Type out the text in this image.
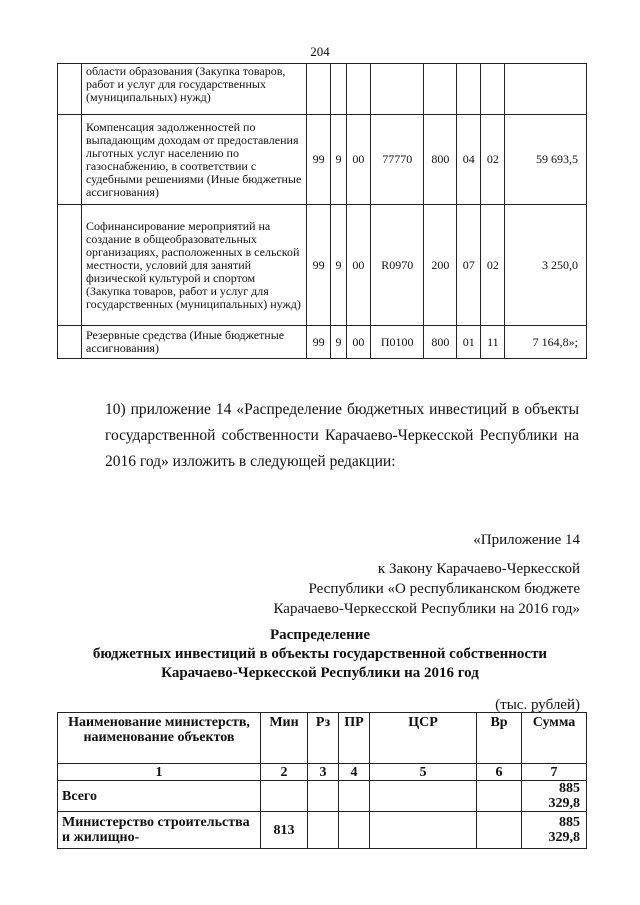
204
	области образования (Закупка товаров, работ и услуг для государственных (муниципальных) нужд)								
	Компенсация задолженностей по выпадающим доходам от предоставления льготных услуг населению по газоснабжению, в соответствии с судебными решениями (Иные бюджетные ассигнования)	99	9	00	77770	800	04	02	59 693,5
	Софинансирование мероприятий на создание в общеобразовательных организациях, расположенных в сельской местности, условий для занятий физической культурой и спортом (Закупка товаров, работ и услуг для государственных (муниципальных) нужд)	99	9	00	R0970	200	07	02	3 250,0
	Резервные средства (Иные бюджетные ассигнования)	99	9	00	П0100	800	01	11	7 164,8»;
10) приложение 14 «Распределение бюджетных инвестиций в объекты государственной собственности Карачаево-Черкесской Республики на 2016 год» изложить в следующей редакции:
«Приложение 14
к Закону Карачаево-Черкесской
Республики «О республиканском бюджете
Карачаево-Черкесской Республики на 2016 год»
Распределение
бюджетных инвестиций в объекты государственной собственности
Карачаево-Черкесской Республики на 2016 год
(тыс. рублей)
Наименование министерств, наименование объектов	Мин	Рз	ПР	ЦСР	Вр	Сумма
1	2	3	4	5	6	7
Всего						885 329,8
Министерство строительства и жилищно-	813					885 329,8
